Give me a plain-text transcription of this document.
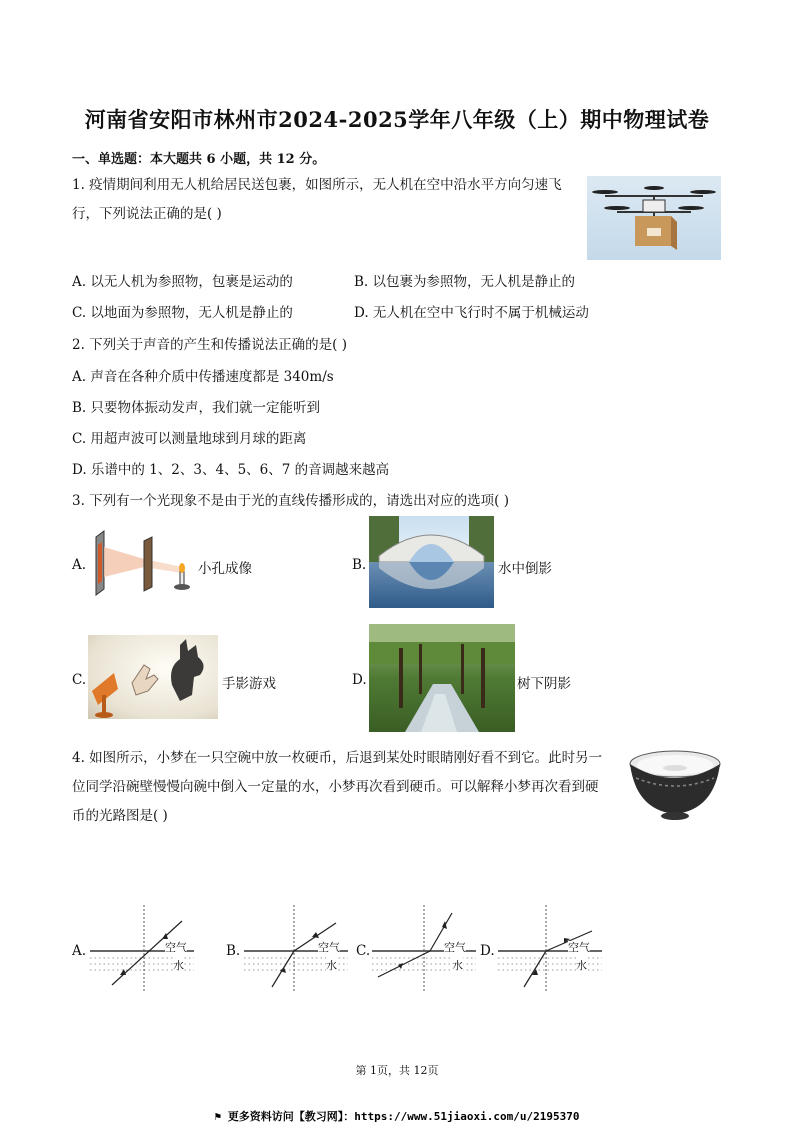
河南省安阳市林州市2024-2025学年八年级（上）期中物理试卷
一、单选题：本大题共 6 小题，共 12 分。
1. 疫情期间利用无人机给居民送包裹，如图所示，无人机在空中沿水平方向匀速飞
行，下列说法正确的是( )
A. 以无人机为参照物，包裹是运动的	B. 以包裹为参照物，无人机是静止的
C. 以地面为参照物，无人机是静止的	D. 无人机在空中飞行时不属于机械运动
2. 下列关于声音的产生和传播说法正确的是( )
A. 声音在各种介质中传播速度都是 340m/s
B. 只要物体振动发声，我们就一定能听到
C. 用超声波可以测量地球到月球的距离
D. 乐谱中的 1、2、3、4、5、6、7 的音调越来越高
3. 下列有一个光现象不是由于光的直线传播形成的，请选出对应的选项( )
A.	小孔成像	B.	水中倒影
C.	手影游戏	D.	树下阴影
4. 如图所示，小梦在一只空碗中放一枚硬币，后退到某处时眼睛刚好看不到它。此时另一
位同学沿碗壁慢慢向碗中倒入一定量的水，小梦再次看到硬币。可以解释小梦再次看到硬
币的光路图是( )
A.	空气
水
B.	空气
水
C.	空气
水
D.	空气
水
第 1页，共 12页
⚑ 更多资料访问【教习网】：https://www.51jiaoxi.com/u/2195370
